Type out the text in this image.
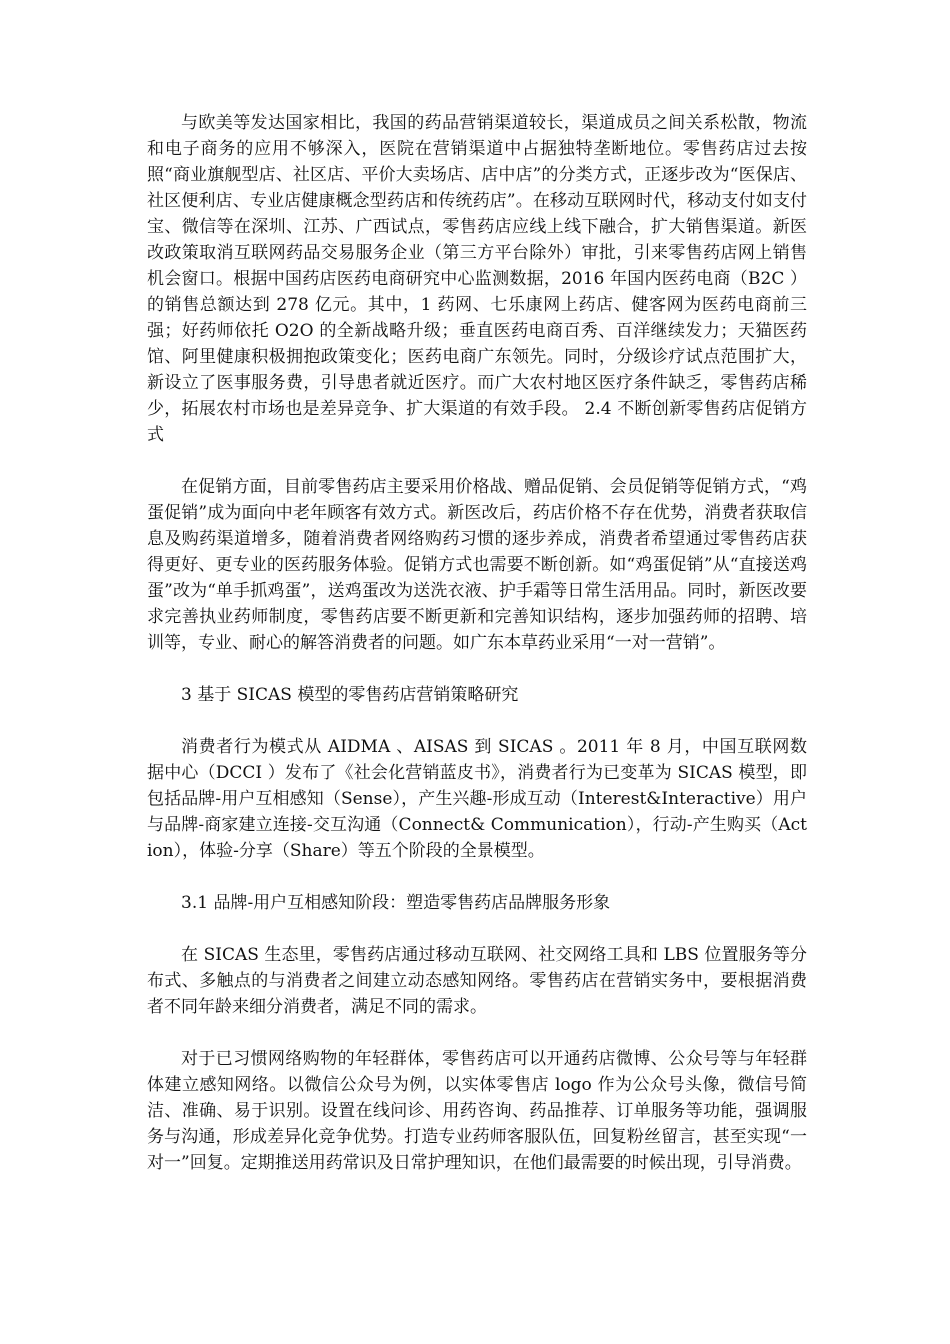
与欧美等发达国家相比，我国的药品营销渠道较长，渠道成员之间关系松散，物流和电子商务的应用不够深入，医院在营销渠道中占据独特垄断地位。零售药店过去按照“商业旗舰型店、社区店、平价大卖场店、店中店”的分类方式，正逐步改为“医保店、社区便利店、专业店健康概念型药店和传统药店”。在移动互联网时代，移动支付如支付宝、微信等在深圳、江苏、广西试点，零售药店应线上线下融合，扩大销售渠道。新医改政策取消互联网药品交易服务企业（第三方平台除外）审批，引来零售药店网上销售机会窗口。根据中国药店医药电商研究中心监测数据，2016 年国内医药电商（B2C ）的销售总额达到 278 亿元。其中，1 药网、七乐康网上药店、健客网为医药电商前三强；好药师依托 O2O 的全新战略升级；垂直医药电商百秀、百洋继续发力；天猫医药馆、阿里健康积极拥抱政策变化；医药电商广东领先。同时，分级诊疗试点范围扩大，新设立了医事服务费，引导患者就近医疗。而广大农村地区医疗条件缺乏，零售药店稀少，拓展农村市场也是差异竞争、扩大渠道的有效手段。 2.4 不断创新零售药店促销方式

在促销方面，目前零售药店主要采用价格战、赠品促销、会员促销等促销方式，“鸡蛋促销”成为面向中老年顾客有效方式。新医改后，药店价格不存在优势，消费者获取信息及购药渠道增多，随着消费者网络购药习惯的逐步养成，消费者希望通过零售药店获得更好、更专业的医药服务体验。促销方式也需要不断创新。如“鸡蛋促销”从“直接送鸡蛋”改为“单手抓鸡蛋”，送鸡蛋改为送洗衣液、护手霜等日常生活用品。同时，新医改要求完善执业药师制度，零售药店要不断更新和完善知识结构，逐步加强药师的招聘、培训等，专业、耐心的解答消费者的问题。如广东本草药业采用“一对一营销”。

3 基于 SICAS 模型的零售药店营销策略研究

消费者行为模式从 AIDMA 、AISAS 到 SICAS 。2011 年 8 月，中国互联网数据中心（DCCI ）发布了《社会化营销蓝皮书》，消费者行为已变革为 SICAS 模型，即包括品牌-用户互相感知（Sense），产生兴趣-形成互动（Interest&Interactive）用户与品牌-商家建立连接-交互沟通（Connect& Communication），行动-产生购买（Action），体验-分享（Share）等五个阶段的全景模型。

3.1 品牌-用户互相感知阶段：塑造零售药店品牌服务形象

在 SICAS 生态里，零售药店通过移动互联网、社交网络工具和 LBS 位置服务等分布式、多触点的与消费者之间建立动态感知网络。零售药店在营销实务中，要根据消费者不同年龄来细分消费者，满足不同的需求。

对于已习惯网络购物的年轻群体，零售药店可以开通药店微博、公众号等与年轻群体建立感知网络。以微信公众号为例，以实体零售店 logo 作为公众号头像，微信号简洁、准确、易于识别。设置在线问诊、用药咨询、药品推荐、订单服务等功能，强调服务与沟通，形成差异化竞争优势。打造专业药师客服队伍，回复粉丝留言，甚至实现“一对一”回复。定期推送用药常识及日常护理知识，在他们最需要的时候出现，引导消费。
